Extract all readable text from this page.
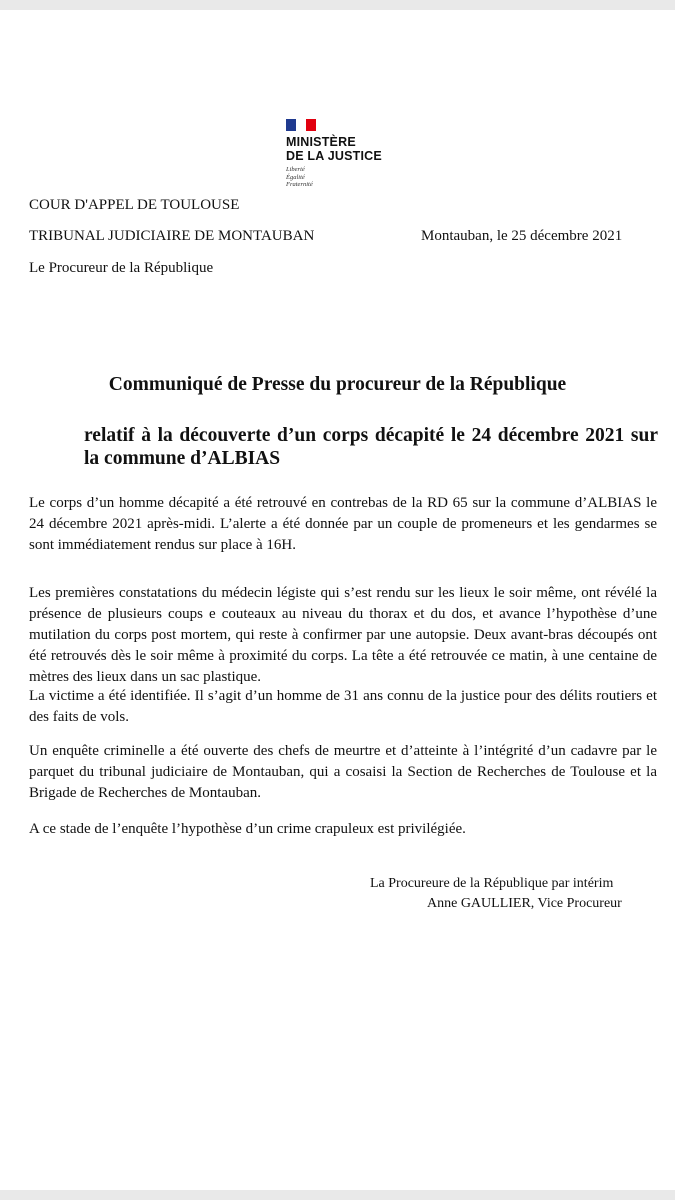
MINISTÈRE
DE LA JUSTICE
Liberté
Égalité
Fraternité
COUR D'APPEL DE TOULOUSE
TRIBUNAL JUDICIAIRE DE MONTAUBAN	Montauban, le 25 décembre 2021
Le Procureur de la République
Communiqué de Presse du procureur de la République
relatif à la découverte d’un corps décapité le 24 décembre 2021 sur la commune d’ALBIAS
Le corps d’un homme décapité a été retrouvé en contrebas de la RD 65 sur la commune d’ALBIAS le 24 décembre 2021 après-midi. L’alerte a été donnée par un couple de promeneurs et les gendarmes se sont immédiatement rendus sur place à 16H.
Les premières constatations du médecin légiste qui s’est rendu sur les lieux le soir même, ont révélé la présence de plusieurs coups e couteaux au niveau du thorax et du dos, et avance l’hypothèse d’une mutilation du corps post mortem, qui reste à confirmer par une autopsie. Deux avant-bras découpés ont été retrouvés dès le soir même à proximité du corps. La tête a été retrouvée ce matin, à une centaine de mètres des lieux dans un sac plastique.
La victime a été identifiée. Il s’agit d’un homme de 31 ans connu de la justice pour des délits routiers et des faits de vols.
Un enquête criminelle a été ouverte des chefs de meurtre et d’atteinte à l’intégrité d’un cadavre par le parquet du tribunal judiciaire de Montauban, qui a cosaisi la Section de Recherches de Toulouse et la Brigade de Recherches de Montauban.
A ce stade de l’enquête l’hypothèse d’un crime crapuleux est privilégiée.
La Procureure de la République par intérim
Anne GAULLIER, Vice Procureur
